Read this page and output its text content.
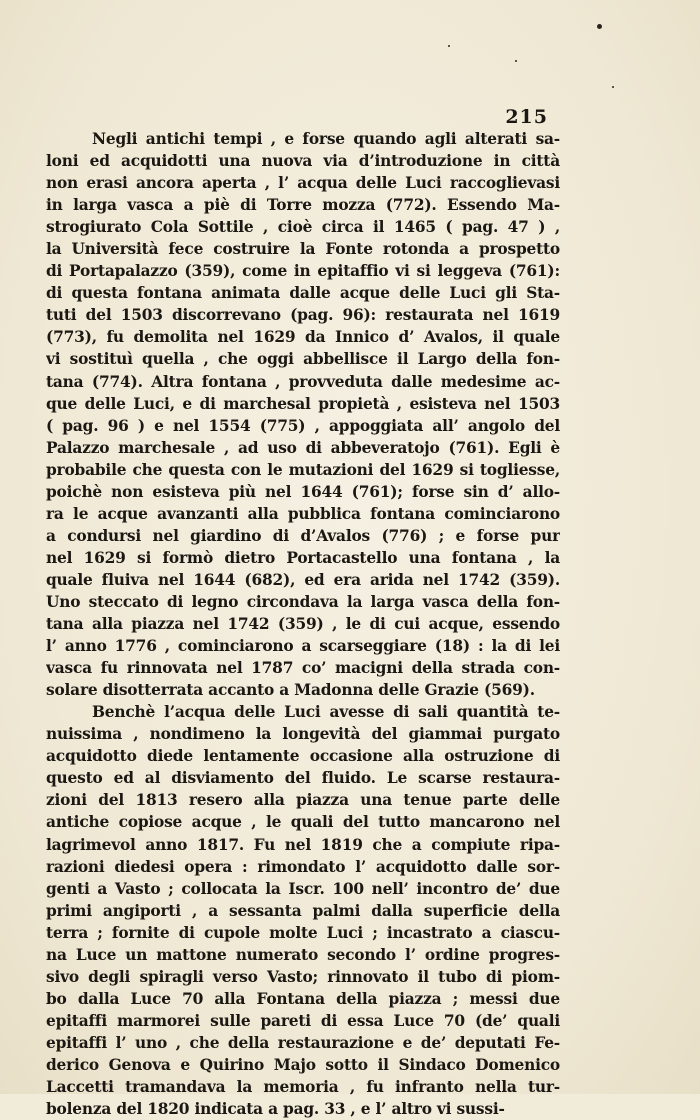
215
Negli antichi tempi , e forse quando agli alterati sa-
loni ed acquidotti una nuova via d’introduzione in città
non erasi ancora aperta , l’ acqua delle Luci raccoglievasi
in larga vasca a piè di Torre mozza (772). Essendo Ma-
strogiurato Cola Sottile , cioè circa il 1465 ( pag. 47 ) ,
la Università fece costruire la Fonte rotonda a prospetto
di Portapalazzo (359), come in epitaffio vi si leggeva (761):
di questa fontana animata dalle acque delle Luci gli Sta-
tuti del 1503 discorrevano (pag. 96): restaurata nel 1619
(773), fu demolita nel 1629 da Innico d’ Avalos, il quale
vi sostituì quella , che oggi abbellisce il Largo della fon-
tana (774). Altra fontana , provveduta dalle medesime ac-
que delle Luci, e di marchesal propietà , esisteva nel 1503
( pag. 96 ) e nel 1554 (775) , appoggiata all’ angolo del
Palazzo marchesale , ad uso di abbeveratojo (761). Egli è
probabile che questa con le mutazioni del 1629 si togliesse,
poichè non esisteva più nel 1644 (761); forse sin d’ allo-
ra le acque avanzanti alla pubblica fontana cominciarono
a condursi nel giardino di d’Avalos (776) ; e forse pur
nel 1629 si formò dietro Portacastello una fontana , la
quale fluiva nel 1644 (682), ed era arida nel 1742 (359).
Uno steccato di legno circondava la larga vasca della fon-
tana alla piazza nel 1742 (359) , le di cui acque, essendo
l’ anno 1776 , cominciarono a scarseggiare (18) : la di lei
vasca fu rinnovata nel 1787 co’ macigni della strada con-
solare disotterrata accanto a Madonna delle Grazie (569).
Benchè l’acqua delle Luci avesse di sali quantità te-
nuissima , nondimeno la longevità del giammai purgato
acquidotto diede lentamente occasione alla ostruzione di
questo ed al disviamento del fluido. Le scarse restaura-
zioni del 1813 resero alla piazza una tenue parte delle
antiche copiose acque , le quali del tutto mancarono nel
lagrimevol anno 1817. Fu nel 1819 che a compiute ripa-
razioni diedesi opera : rimondato l’ acquidotto dalle sor-
genti a Vasto ; collocata la Iscr. 100 nell’ incontro de’ due
primi angiporti , a sessanta palmi dalla superficie della
terra ; fornite di cupole molte Luci ; incastrato a ciascu-
na Luce un mattone numerato secondo l’ ordine progres-
sivo degli spiragli verso Vasto; rinnovato il tubo di piom-
bo dalla Luce 70 alla Fontana della piazza ; messi due
epitaffi marmorei sulle pareti di essa Luce 70 (de’ quali
epitaffi l’ uno , che della restaurazione e de’ deputati Fe-
derico Genova e Quirino Majo sotto il Sindaco Domenico
Laccetti tramandava la memoria , fu infranto nella tur-
bolenza del 1820 indicata a pag. 33 , e l’ altro vi sussi-
